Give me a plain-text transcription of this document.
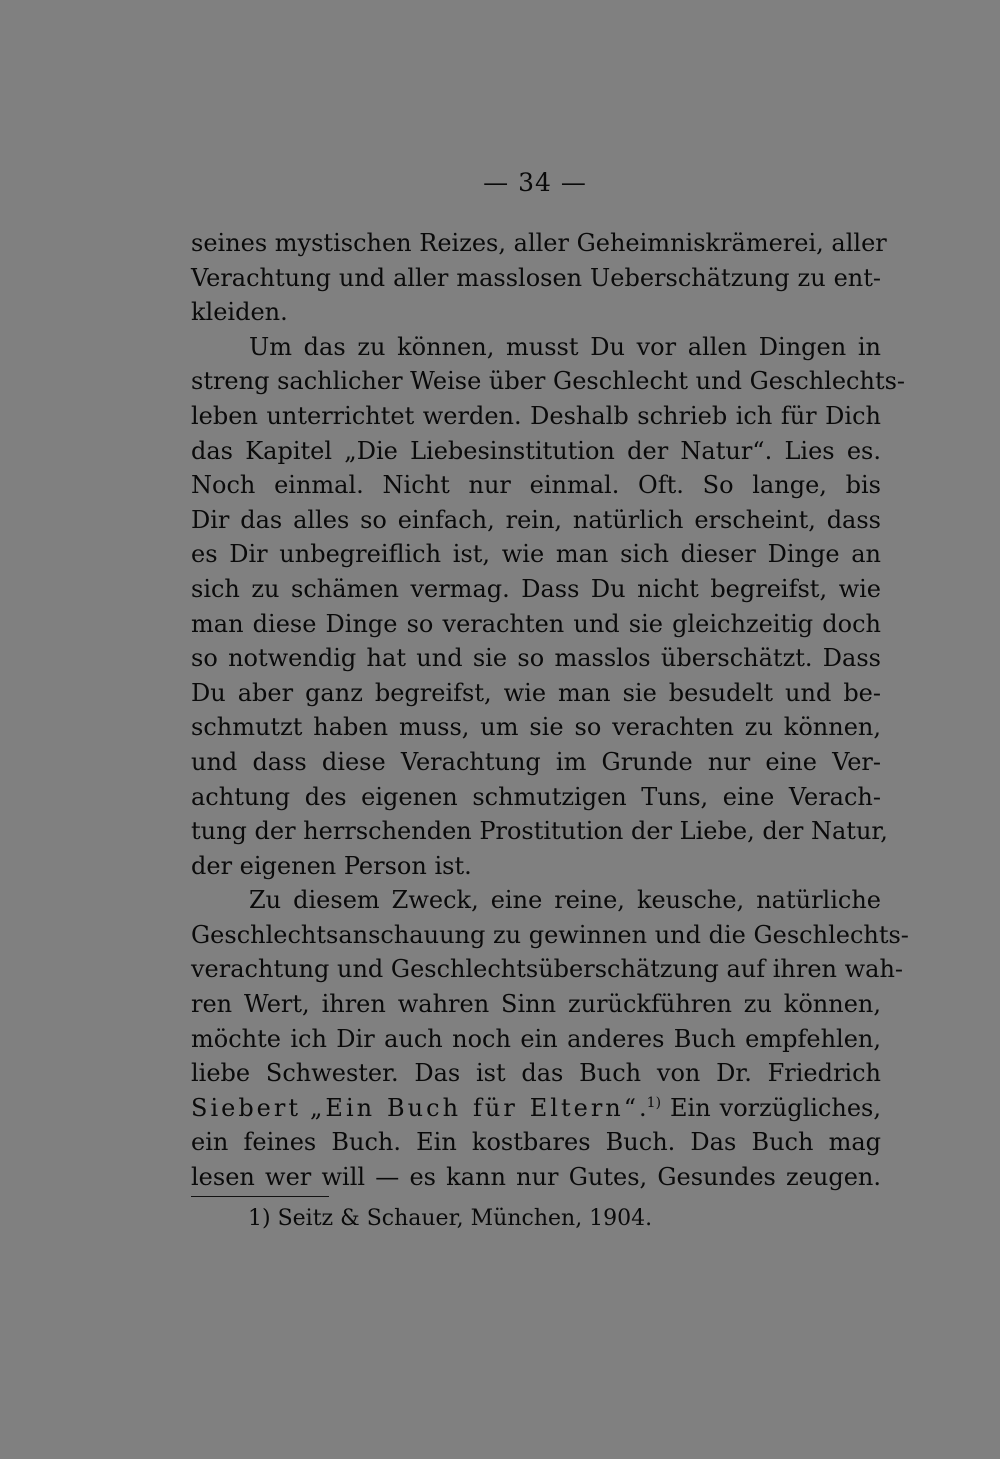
— 34 —
seines mystischen Reizes, aller Geheimniskrämerei, aller
Verachtung und aller masslosen Ueberschätzung zu ent-
kleiden.
Um das zu können, musst Du vor allen Dingen in
streng sachlicher Weise über Geschlecht und Geschlechts-
leben unterrichtet werden. Deshalb schrieb ich für Dich
das Kapitel „Die Liebesinstitution der Natur“. Lies es.
Noch einmal. Nicht nur einmal. Oft. So lange, bis
Dir das alles so einfach, rein, natürlich erscheint, dass
es Dir unbegreiflich ist, wie man sich dieser Dinge an
sich zu schämen vermag. Dass Du nicht begreifst, wie
man diese Dinge so verachten und sie gleichzeitig doch
so notwendig hat und sie so masslos überschätzt. Dass
Du aber ganz begreifst, wie man sie besudelt und be-
schmutzt haben muss, um sie so verachten zu können,
und dass diese Verachtung im Grunde nur eine Ver-
achtung des eigenen schmutzigen Tuns, eine Verach-
tung der herrschenden Prostitution der Liebe, der Natur,
der eigenen Person ist.
Zu diesem Zweck, eine reine, keusche, natürliche
Geschlechtsanschauung zu gewinnen und die Geschlechts-
verachtung und Geschlechtsüberschätzung auf ihren wah-
ren Wert, ihren wahren Sinn zurückführen zu können,
möchte ich Dir auch noch ein anderes Buch empfehlen,
liebe Schwester. Das ist das Buch von Dr. Friedrich
Siebert „Ein Buch für Eltern“.$^{1)}$ Ein vorzügliches,
ein feines Buch. Ein kostbares Buch. Das Buch mag
lesen wer will — es kann nur Gutes, Gesundes zeugen.
1) Seitz & Schauer, München, 1904.
